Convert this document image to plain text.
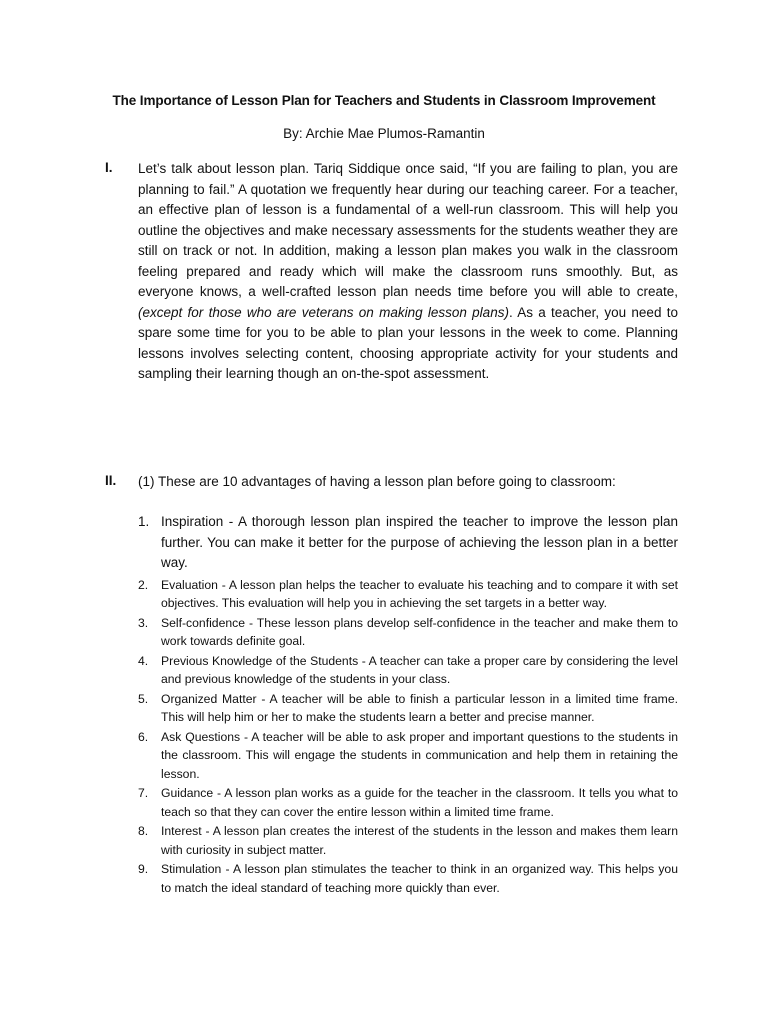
The Importance of Lesson Plan for Teachers and Students in Classroom Improvement
By: Archie Mae Plumos-Ramantin
I. Let’s talk about lesson plan. Tariq Siddique once said, “If you are failing to plan, you are planning to fail.” A quotation we frequently hear during our teaching career. For a teacher, an effective plan of lesson is a fundamental of a well-run classroom. This will help you outline the objectives and make necessary assessments for the students weather they are still on track or not. In addition, making a lesson plan makes you walk in the classroom feeling prepared and ready which will make the classroom runs smoothly. But, as everyone knows, a well-crafted lesson plan needs time before you will able to create, (except for those who are veterans on making lesson plans). As a teacher, you need to spare some time for you to be able to plan your lessons in the week to come. Planning lessons involves selecting content, choosing appropriate activity for your students and sampling their learning though an on-the-spot assessment.

II. (1) These are 10 advantages of having a lesson plan before going to classroom:

1. Inspiration - A thorough lesson plan inspired the teacher to improve the lesson plan further. You can make it better for the purpose of achieving the lesson plan in a better way.
2. Evaluation - A lesson plan helps the teacher to evaluate his teaching and to compare it with set objectives. This evaluation will help you in achieving the set targets in a better way.
3. Self-confidence - These lesson plans develop self-confidence in the teacher and make them to work towards definite goal.
4. Previous Knowledge of the Students - A teacher can take a proper care by considering the level and previous knowledge of the students in your class.
5. Organized Matter - A teacher will be able to finish a particular lesson in a limited time frame. This will help him or her to make the students learn a better and precise manner.
6. Ask Questions - A teacher will be able to ask proper and important questions to the students in the classroom. This will engage the students in communication and help them in retaining the lesson.
7. Guidance - A lesson plan works as a guide for the teacher in the classroom. It tells you what to teach so that they can cover the entire lesson within a limited time frame.
8. Interest - A lesson plan creates the interest of the students in the lesson and makes them learn with curiosity in subject matter.
9. Stimulation - A lesson plan stimulates the teacher to think in an organized way. This helps you to match the ideal standard of teaching more quickly than ever.
